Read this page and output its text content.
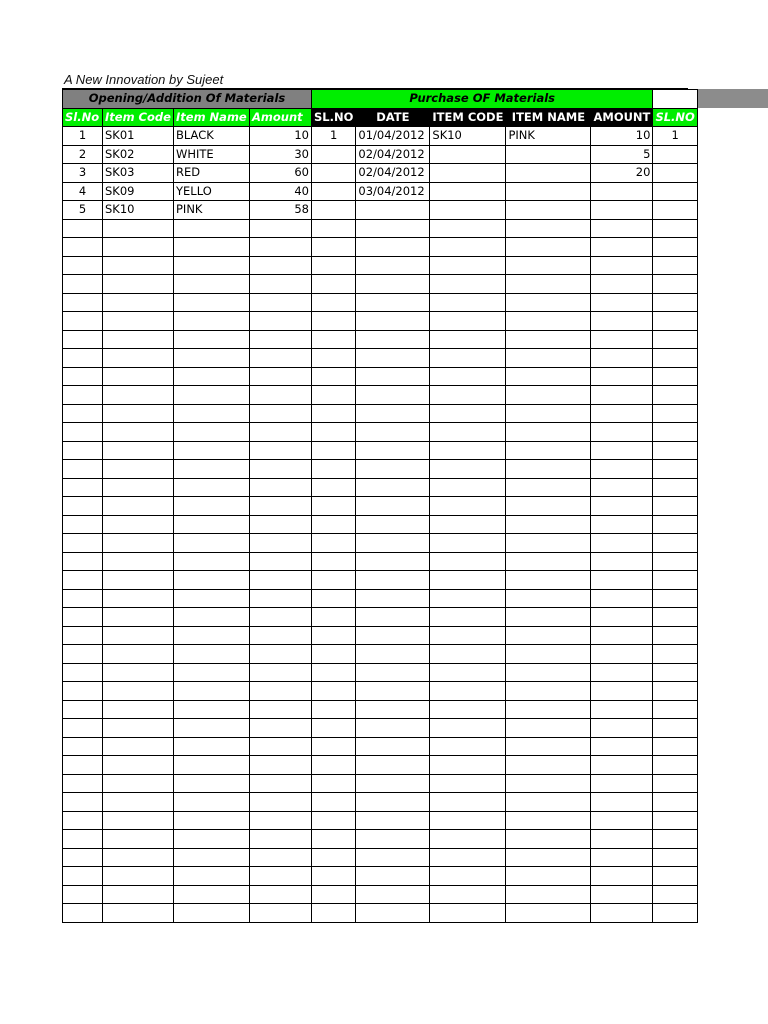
A New Innovation by Sujeet
Opening/Addition Of Materials				Purchase OF Materials					
Sl.No	Item Code	Item Name	Amount	SL.NO	DATE	ITEM CODE	ITEM NAME	AMOUNT	SL.NO
1	SK01	BLACK	10	1	01/04/2012	SK10	PINK	10	1
2	SK02	WHITE	30		02/04/2012			5	
3	SK03	RED	60		02/04/2012			20	
4	SK09	YELLO	40		03/04/2012				
5	SK10	PINK	58						
